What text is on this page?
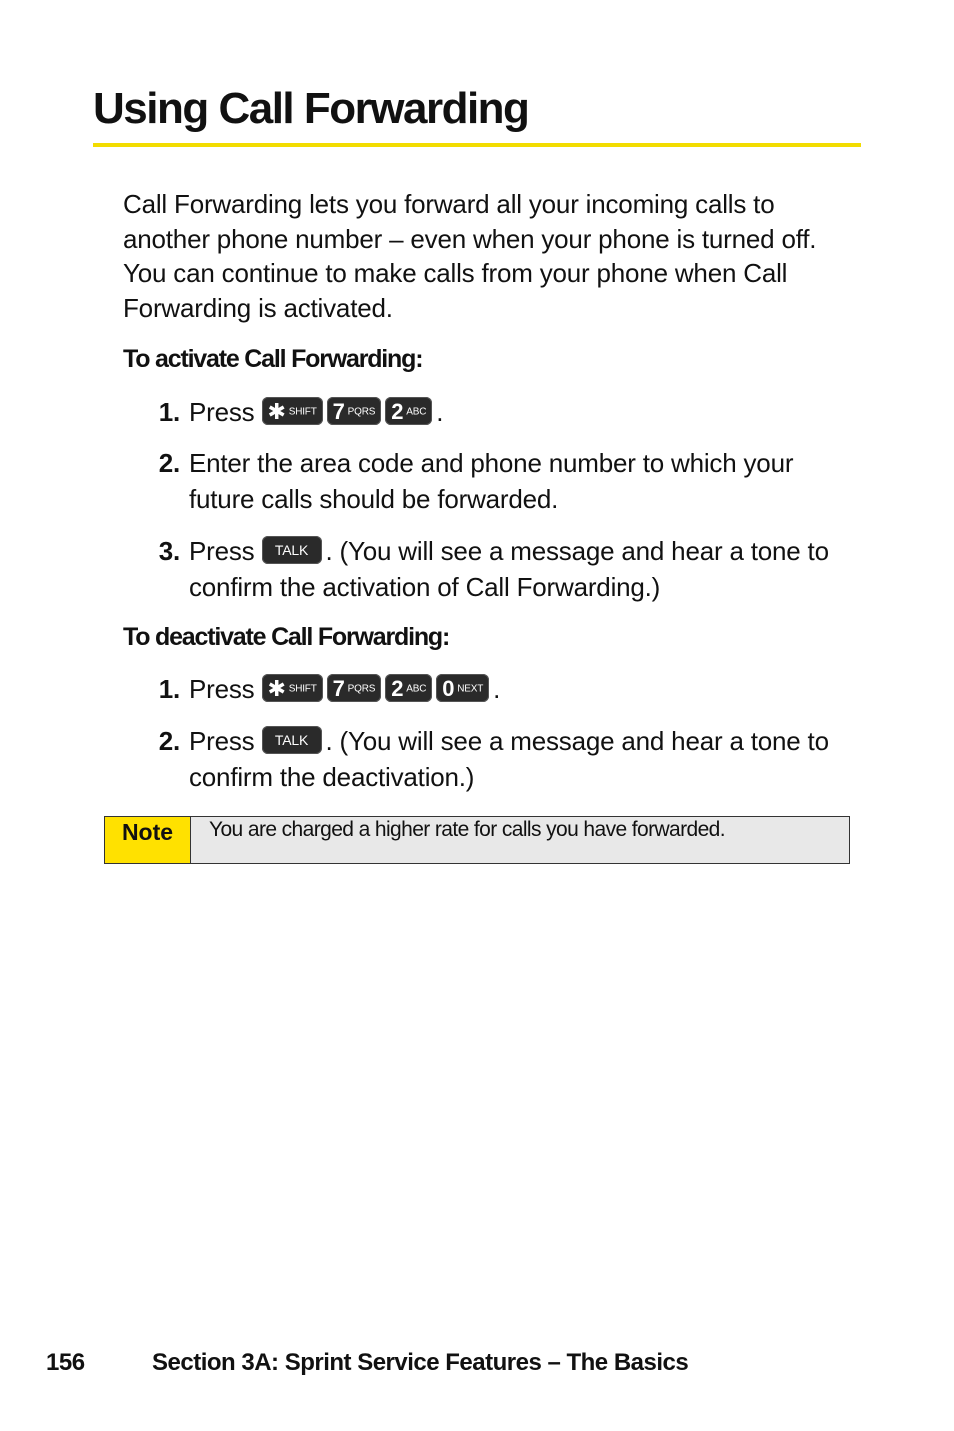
Using Call Forwarding

Call Forwarding lets you forward all your incoming calls to another phone number – even when your phone is turned off. You can continue to make calls from your phone when Call Forwarding is activated.

To activate Call Forwarding:
1. Press ✱ SHIFT 7 PQRS 2 ABC .
2. Enter the area code and phone number to which your future calls should be forwarded.
3. Press TALK . (You will see a message and hear a tone to confirm the activation of Call Forwarding.)
To deactivate Call Forwarding:
1. Press ✱ SHIFT 7 PQRS 2 ABC 0 NEXT .
2. Press TALK . (You will see a message and hear a tone to confirm the deactivation.)
Note	You are charged a higher rate for calls you have forwarded.
156	Section 3A: Sprint Service Features – The Basics
